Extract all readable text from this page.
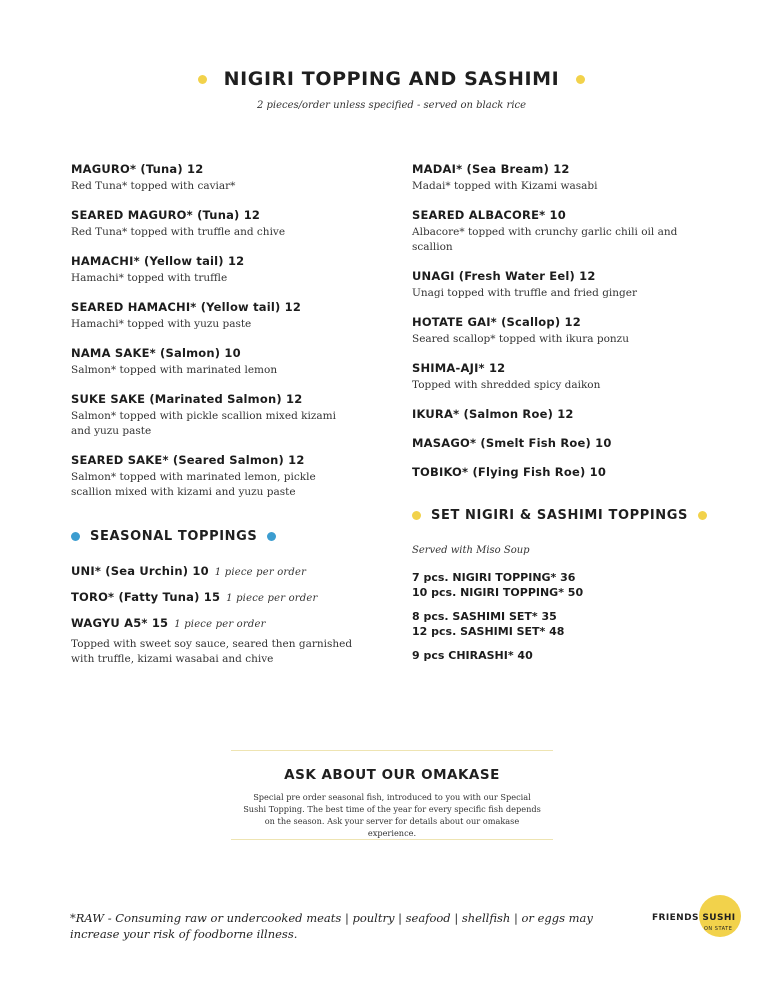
NIGIRI TOPPING AND SASHIMI
2 pieces/order unless specified - served on black rice
MAGURO* (Tuna) 12
Red Tuna* topped with caviar*
SEARED MAGURO* (Tuna) 12
Red Tuna* topped with truffle and chive
HAMACHI* (Yellow tail) 12
Hamachi* topped with truffle
SEARED HAMACHI* (Yellow tail) 12
Hamachi* topped with yuzu paste
NAMA SAKE* (Salmon) 10
Salmon* topped with marinated lemon
SUKE SAKE (Marinated Salmon) 12
Salmon* topped with pickle scallion mixed kizami and yuzu paste
SEARED SAKE* (Seared Salmon) 12
Salmon* topped with marinated lemon, pickle scallion mixed with kizami and yuzu paste
MADAI* (Sea Bream) 12
Madai* topped with Kizami wasabi
SEARED ALBACORE* 10
Albacore* topped with crunchy garlic chili oil and scallion
UNAGI (Fresh Water Eel) 12
Unagi topped with truffle and fried ginger
HOTATE GAI* (Scallop) 12
Seared scallop* topped with ikura ponzu
SHIMA-AJI* 12
Topped with shredded spicy daikon
IKURA* (Salmon Roe) 12
MASAGO* (Smelt Fish Roe) 10
TOBIKO* (Flying Fish Roe) 10
SEASONAL TOPPINGS
UNI* (Sea Urchin) 10 1 piece per order
TORO* (Fatty Tuna) 15 1 piece per order
WAGYU A5* 15 1 piece per order
Topped with sweet soy sauce, seared then garnished with truffle, kizami wasabai and chive
SET NIGIRI & SASHIMI TOPPINGS
Served with Miso Soup
7 pcs. NIGIRI TOPPING* 36
10 pcs. NIGIRI TOPPING* 50
8 pcs. SASHIMI SET* 35
12 pcs. SASHIMI SET* 48
9 pcs CHIRASHI* 40
ASK ABOUT OUR OMAKASE

Special pre order seasonal fish, introduced to you with our Special Sushi Topping. The best time of the year for every specific fish depends on the season. Ask your server for details about our omakase experience.

*RAW - Consuming raw or undercooked meats | poultry | seafood | shellfish | or eggs may increase your risk of foodborne illness.
FRIENDS SUSHI
ON STATE
